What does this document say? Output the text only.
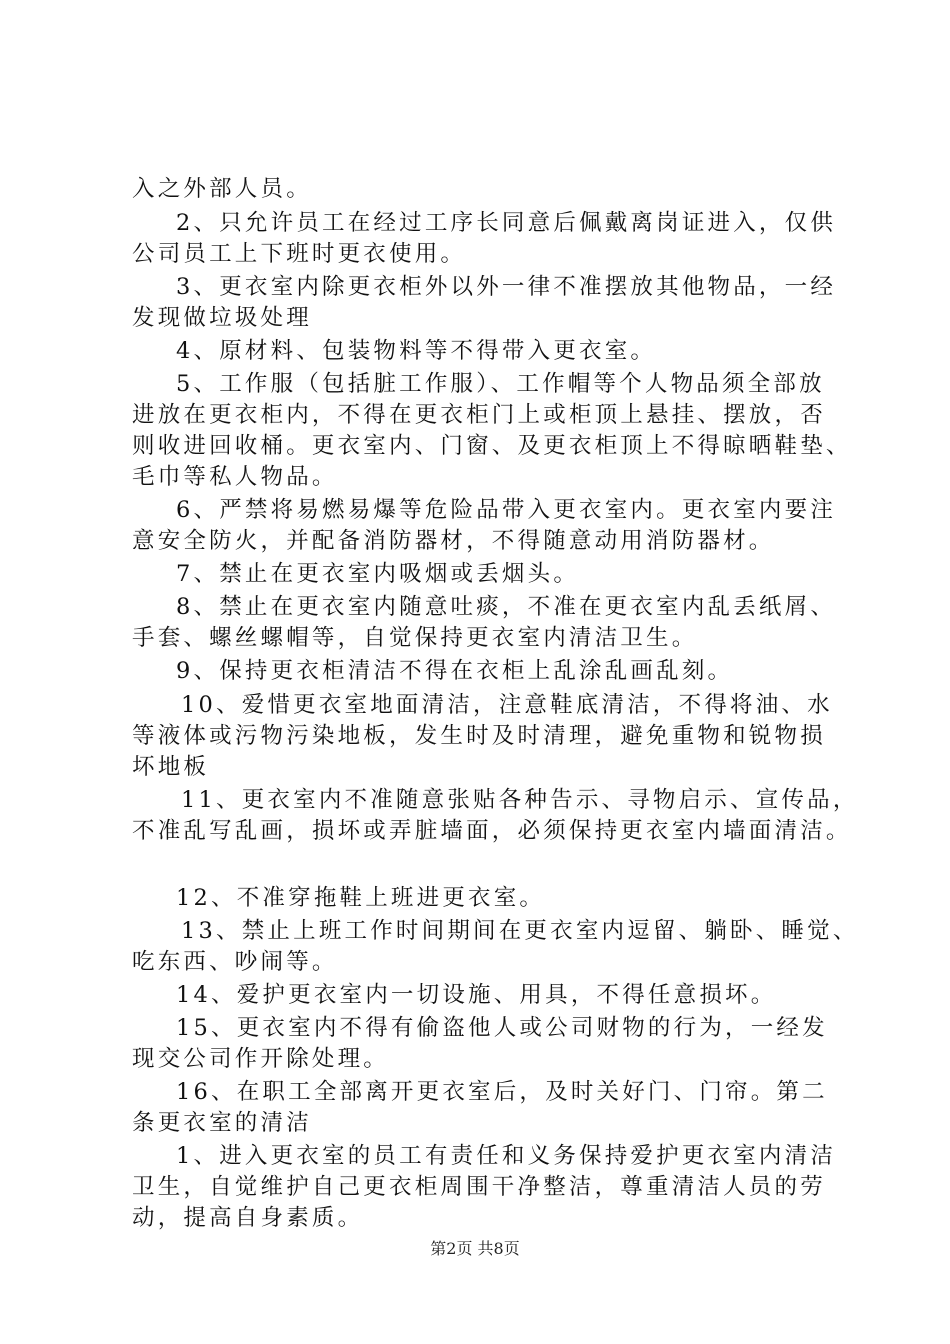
入之外部人员。
2、只允许员工在经过工序长同意后佩戴离岗证进入，仅供
公司员工上下班时更衣使用。
3、更衣室内除更衣柜外以外一律不准摆放其他物品，一经
发现做垃圾处理
4、原材料、包装物料等不得带入更衣室。
5、工作服（包括脏工作服）、工作帽等个人物品须全部放
进放在更衣柜内，不得在更衣柜门上或柜顶上悬挂、摆放，否
则收进回收桶。更衣室内、门窗、及更衣柜顶上不得晾晒鞋垫、
毛巾等私人物品。
6、严禁将易燃易爆等危险品带入更衣室内。更衣室内要注
意安全防火，并配备消防器材，不得随意动用消防器材。
7、禁止在更衣室内吸烟或丢烟头。
8、禁止在更衣室内随意吐痰，不准在更衣室内乱丢纸屑、
手套、螺丝螺帽等，自觉保持更衣室内清洁卫生。
9、保持更衣柜清洁不得在衣柜上乱涂乱画乱刻。
10、爱惜更衣室地面清洁，注意鞋底清洁，不得将油、水
等液体或污物污染地板，发生时及时清理，避免重物和锐物损
坏地板
11、更衣室内不准随意张贴各种告示、寻物启示、宣传品，
不准乱写乱画，损坏或弄脏墙面，必须保持更衣室内墙面清洁。
12、不准穿拖鞋上班进更衣室。
13、禁止上班工作时间期间在更衣室内逗留、躺卧、睡觉、
吃东西、吵闹等。
14、爱护更衣室内一切设施、用具，不得任意损坏。
15、更衣室内不得有偷盗他人或公司财物的行为，一经发
现交公司作开除处理。
16、在职工全部离开更衣室后，及时关好门、门帘。第二
条更衣室的清洁
1、进入更衣室的员工有责任和义务保持爱护更衣室内清洁
卫生，自觉维护自己更衣柜周围干净整洁，尊重清洁人员的劳
动，提高自身素质。
第2页 共8页
